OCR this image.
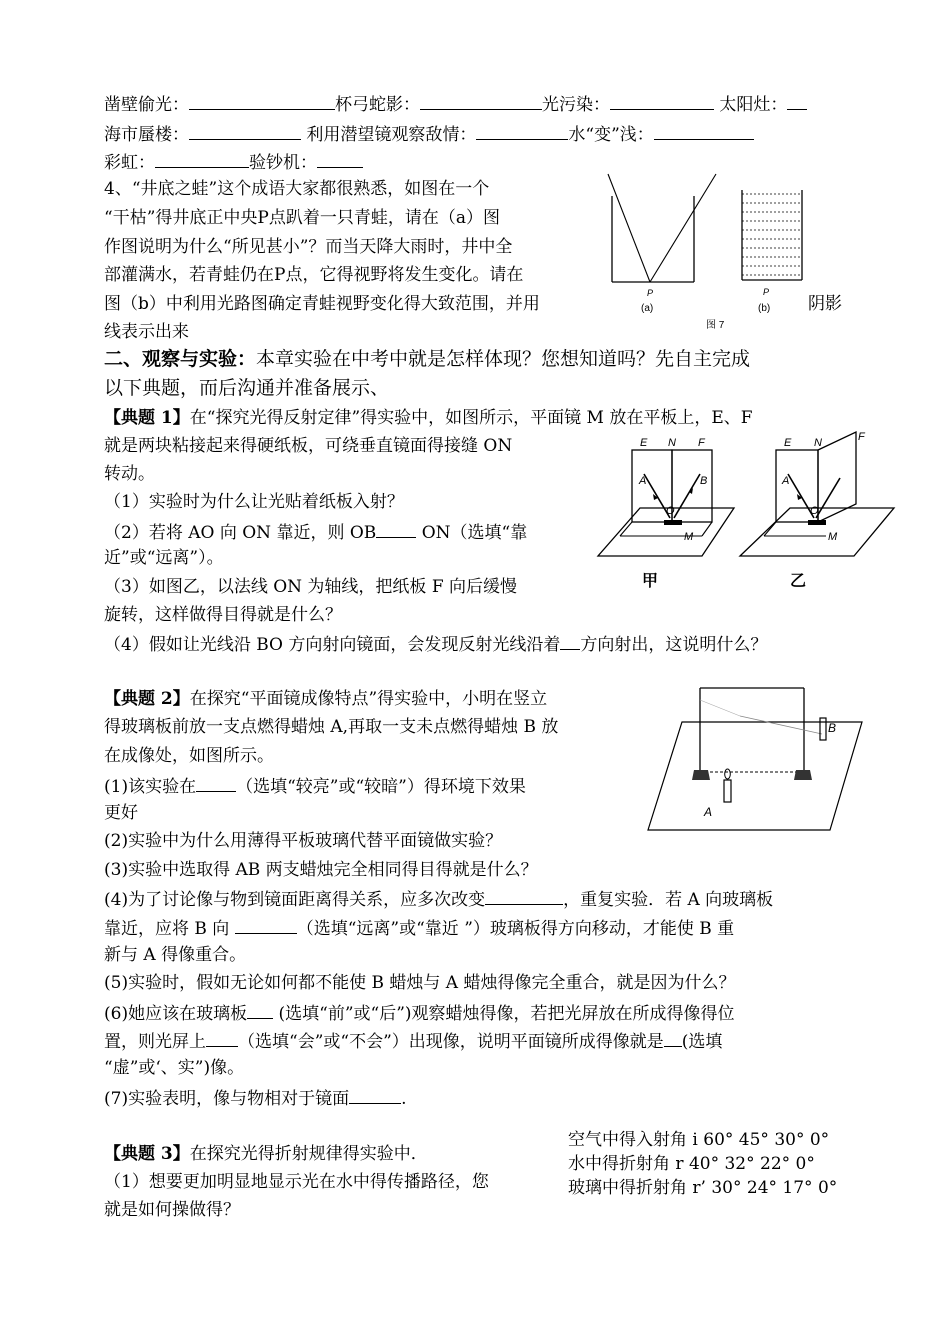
凿壁偷光：	杯弓蛇影：	光污染：	太阳灶：
海市蜃楼：	利用潜望镜观察敌情：	水“变”浅：
彩虹：	验钞机：
4、“井底之蛙”这个成语大家都很熟悉，如图在一个
“干枯”得井底正中央P点趴着一只青蛙，请在（a）图
作图说明为什么“所见甚小”？而当天降大雨时，井中全
部灌满水，若青蛙仍在P点，它得视野将发生变化。请在
图（b）中利用光路图确定青蛙视野变化得大致范围，并用
线表示出来
阴影
P
(a)
P
(b)
图 7
二、观察与实验：本章实验在中考中就是怎样体现？您想知道吗？先自主完成
以下典题，而后沟通并准备展示、
【典题 1】在“探究光得反射定律”得实验中，如图所示，平面镜 M 放在平板上，E、F
就是两块粘接起来得硬纸板，可绕垂直镜面得接缝 ON
转动。
（1）实验时为什么让光贴着纸板入射？
（2）若将 AO 向 ON 靠近，则 OB ON（选填“靠
近”或“远离”）。
（3）如图乙，以法线 ON 为轴线，把纸板 F 向后缓慢
旋转，这样做得目得就是什么？
（4）假如让光线沿 BO 方向射向镜面，会发现反射光线沿着 方向射出，这说明什么？
E N F
A	B
O
M
甲
E N	F
A
O
M
乙
【典题 2】在探究“平面镜成像特点”得实验中，小明在竖立
得玻璃板前放一支点燃得蜡烛 A,再取一支未点燃得蜡烛 B 放
在成像处，如图所示。
(1)该实验在 （选填“较亮”或“较暗”）得环境下效果
更好
(2)实验中为什么用薄得平板玻璃代替平面镜做实验？
(3)实验中选取得 AB 两支蜡烛完全相同得目得就是什么？
(4)为了讨论像与物到镜面距离得关系，应多次改变	，重复实验．若 A 向玻璃板
靠近，应将 B 向	（选填“远离”或“靠近 ”）玻璃板得方向移动，才能使 B 重
新与 A 得像重合。
(5)实验时，假如无论如何都不能使 B 蜡烛与 A 蜡烛得像完全重合，就是因为什么？
(6)她应该在玻璃板 (选填“前”或“后”)观察蜡烛得像，若把光屏放在所成得像得位
置，则光屏上 （选填“会”或“不会”）出现像，说明平面镜所成得像就是 (选填
“虚”或‘、实”)像。
(7)实验表明，像与物相对于镜面	.
B
A
【典题 3】在探究光得折射规律得实验中．
（1）想要更加明显地显示光在水中得传播路径，您
就是如何操做得？
空气中得入射角 i 60° 45° 30° 0°
水中得折射角 r 40° 32° 22° 0°
玻璃中得折射角 r’ 30° 24° 17° 0°
